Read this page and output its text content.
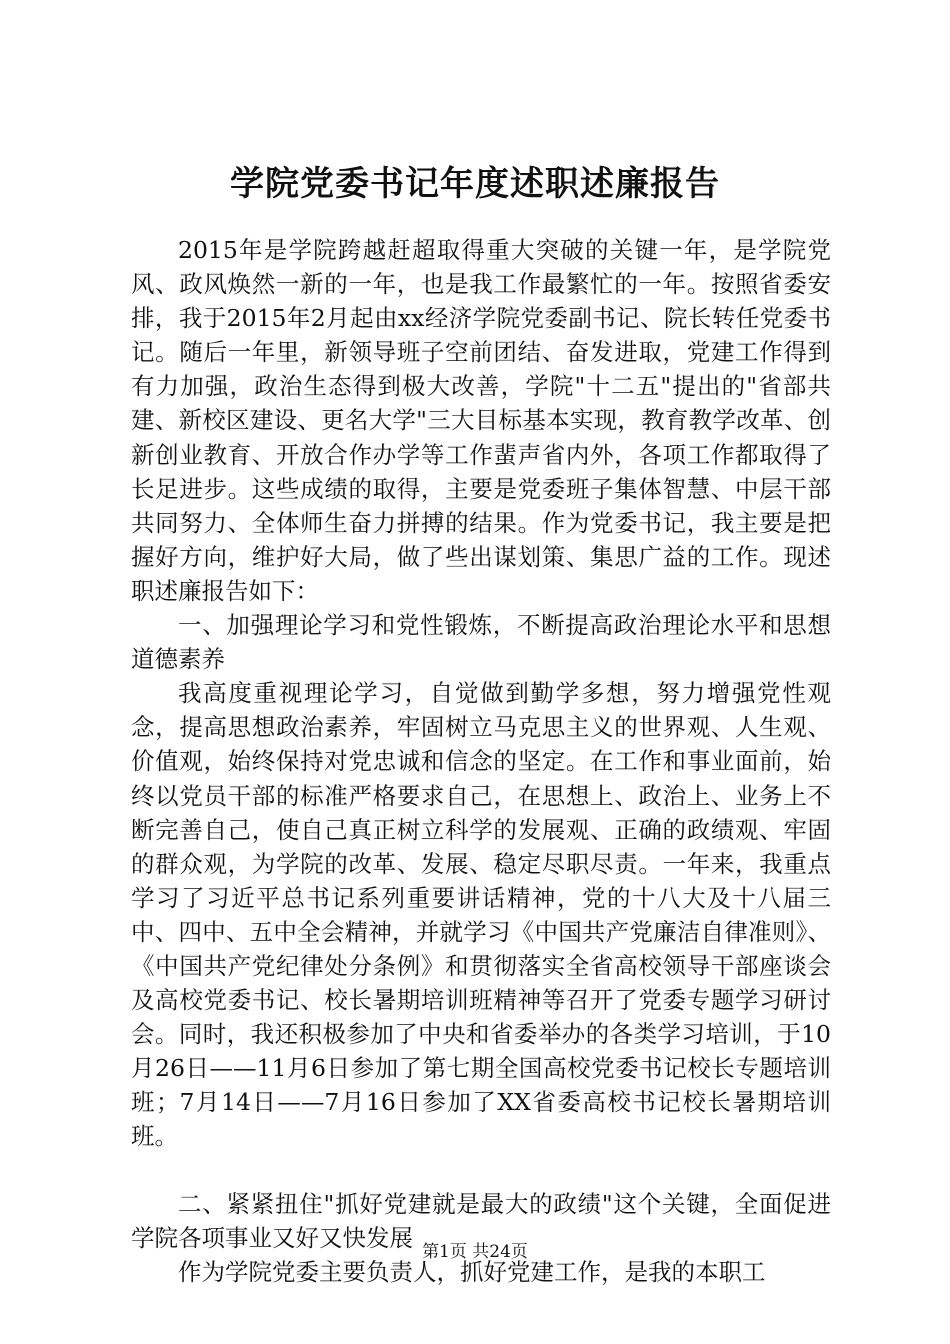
学院党委书记年度述职述廉报告

2015年是学院跨越赶超取得重大突破的关键一年，是学院党风、政风焕然一新的一年，也是我工作最繁忙的一年。按照省委安排，我于2015年2月起由xx经济学院党委副书记、院长转任党委书记。随后一年里，新领导班子空前团结、奋发进取，党建工作得到有力加强，政治生态得到极大改善，学院"十二五"提出的"省部共建、新校区建设、更名大学"三大目标基本实现，教育教学改革、创新创业教育、开放合作办学等工作蜚声省内外，各项工作都取得了长足进步。这些成绩的取得，主要是党委班子集体智慧、中层干部共同努力、全体师生奋力拼搏的结果。作为党委书记，我主要是把握好方向，维护好大局，做了些出谋划策、集思广益的工作。现述职述廉报告如下：

一、加强理论学习和党性锻炼，不断提高政治理论水平和思想道德素养

我高度重视理论学习，自觉做到勤学多想，努力增强党性观念，提高思想政治素养，牢固树立马克思主义的世界观、人生观、价值观，始终保持对党忠诚和信念的坚定。在工作和事业面前，始终以党员干部的标准严格要求自己，在思想上、政治上、业务上不断完善自己，使自己真正树立科学的发展观、正确的政绩观、牢固的群众观，为学院的改革、发展、稳定尽职尽责。一年来，我重点学习了习近平总书记系列重要讲话精神，党的十八大及十八届三中、四中、五中全会精神，并就学习《中国共产党廉洁自律准则》、《中国共产党纪律处分条例》和贯彻落实全省高校领导干部座谈会及高校党委书记、校长暑期培训班精神等召开了党委专题学习研讨会。同时，我还积极参加了中央和省委举办的各类学习培训，于10月26日——11月6日参加了第七期全国高校党委书记校长专题培训班；7月14日——7月16日参加了XX省委高校书记校长暑期培训班。

二、紧紧扭住"抓好党建就是最大的政绩"这个关键，全面促进学院各项事业又好又快发展

作为学院党委主要负责人，抓好党建工作，是我的本职工

第1页 共24页
